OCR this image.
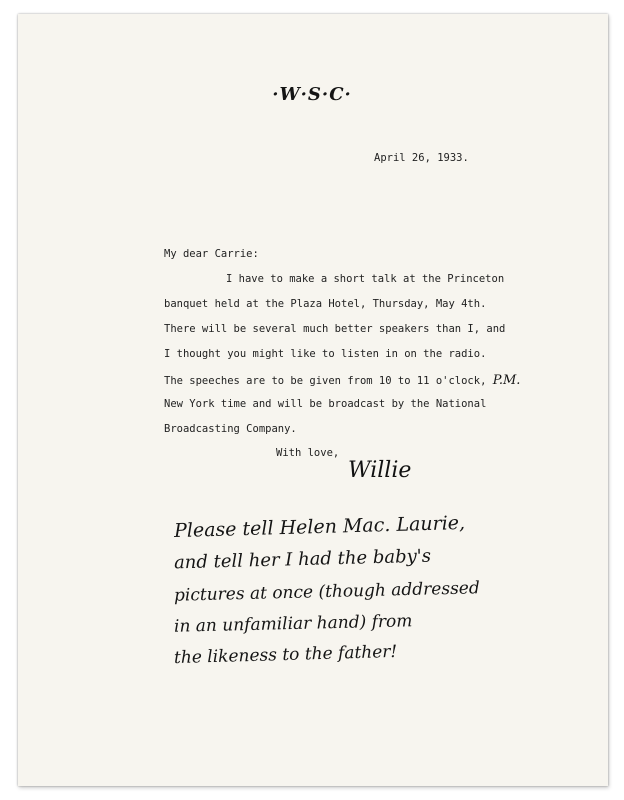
·W·S·C·
April 26, 1933.
My dear Carrie:
I have to make a short talk at the Princeton
banquet held at the Plaza Hotel, Thursday, May 4th.
There will be several much better speakers than I, and
I thought you might like to listen in on the radio.
The speeches are to be given from 10 to 11 o'clock, P.M.
New York time and will be broadcast by the National
Broadcasting Company.
With love,
Willie
Please tell Helen Mac. Laurie,
and tell her I had the baby's
pictures at once (though addressed
in an unfamiliar hand) from
the likeness to the father!
